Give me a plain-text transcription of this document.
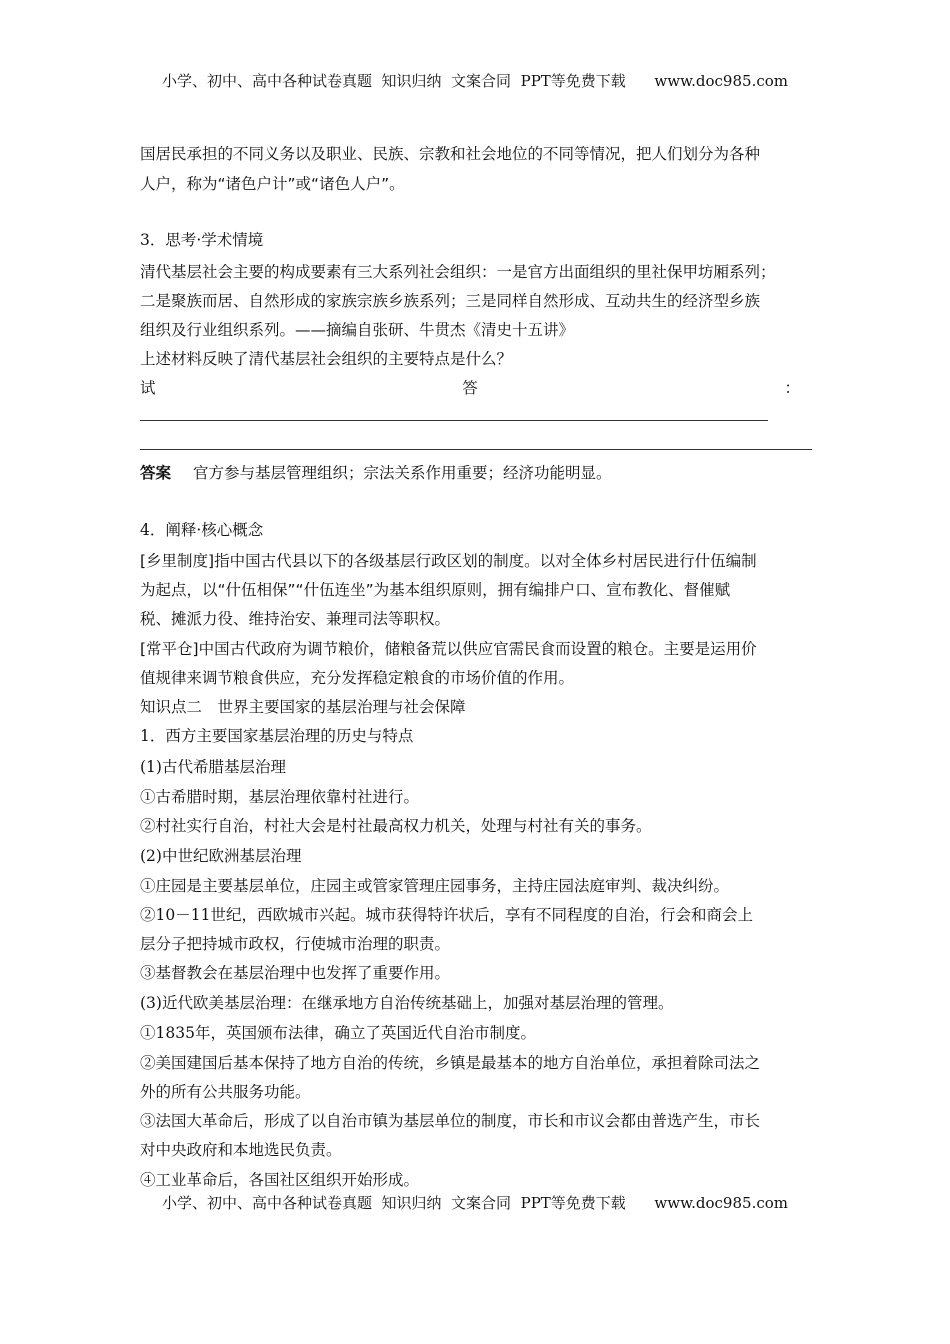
小学、初中、高中各种试卷真题  知识归纳  文案合同  PPT等免费下载      www.doc985.com
国居民承担的不同义务以及职业、民族、宗教和社会地位的不同等情况，把人们划分为各种
人户，称为“诸色户计”或“诸色人户”。
3．思考·学术情境
清代基层社会主要的构成要素有三大系列社会组织：一是官方出面组织的里社保甲坊厢系列；
二是聚族而居、自然形成的家族宗族乡族系列；三是同样自然形成、互动共生的经济型乡族
组织及行业组织系列。——摘编自张研、牛贯杰《清史十五讲》
上述材料反映了清代基层社会组织的主要特点是什么？
试	答	：
答案 官方参与基层管理组织；宗法关系作用重要；经济功能明显。
4．阐释·核心概念
[乡里制度]指中国古代县以下的各级基层行政区划的制度。以对全体乡村居民进行什伍编制
为起点，以“什伍相保”“什伍连坐”为基本组织原则，拥有编排户口、宣布教化、督催赋
税、摊派力役、维持治安、兼理司法等职权。
[常平仓]中国古代政府为调节粮价，储粮备荒以供应官需民食而设置的粮仓。主要是运用价
值规律来调节粮食供应，充分发挥稳定粮食的市场价值的作用。
知识点二　世界主要国家的基层治理与社会保障
1．西方主要国家基层治理的历史与特点
(1)古代希腊基层治理
①古希腊时期，基层治理依靠村社进行。
②村社实行自治，村社大会是村社最高权力机关，处理与村社有关的事务。
(2)中世纪欧洲基层治理
①庄园是主要基层单位，庄园主或管家管理庄园事务，主持庄园法庭审判、裁决纠纷。
②10－11世纪，西欧城市兴起。城市获得特许状后，享有不同程度的自治，行会和商会上
层分子把持城市政权，行使城市治理的职责。
③基督教会在基层治理中也发挥了重要作用。
(3)近代欧美基层治理：在继承地方自治传统基础上，加强对基层治理的管理。
①1835年，英国颁布法律，确立了英国近代自治市制度。
②美国建国后基本保持了地方自治的传统，乡镇是最基本的地方自治单位，承担着除司法之
外的所有公共服务功能。
③法国大革命后，形成了以自治市镇为基层单位的制度，市长和市议会都由普选产生，市长
对中央政府和本地选民负责。
④工业革命后，各国社区组织开始形成。
小学、初中、高中各种试卷真题  知识归纳  文案合同  PPT等免费下载      www.doc985.com
